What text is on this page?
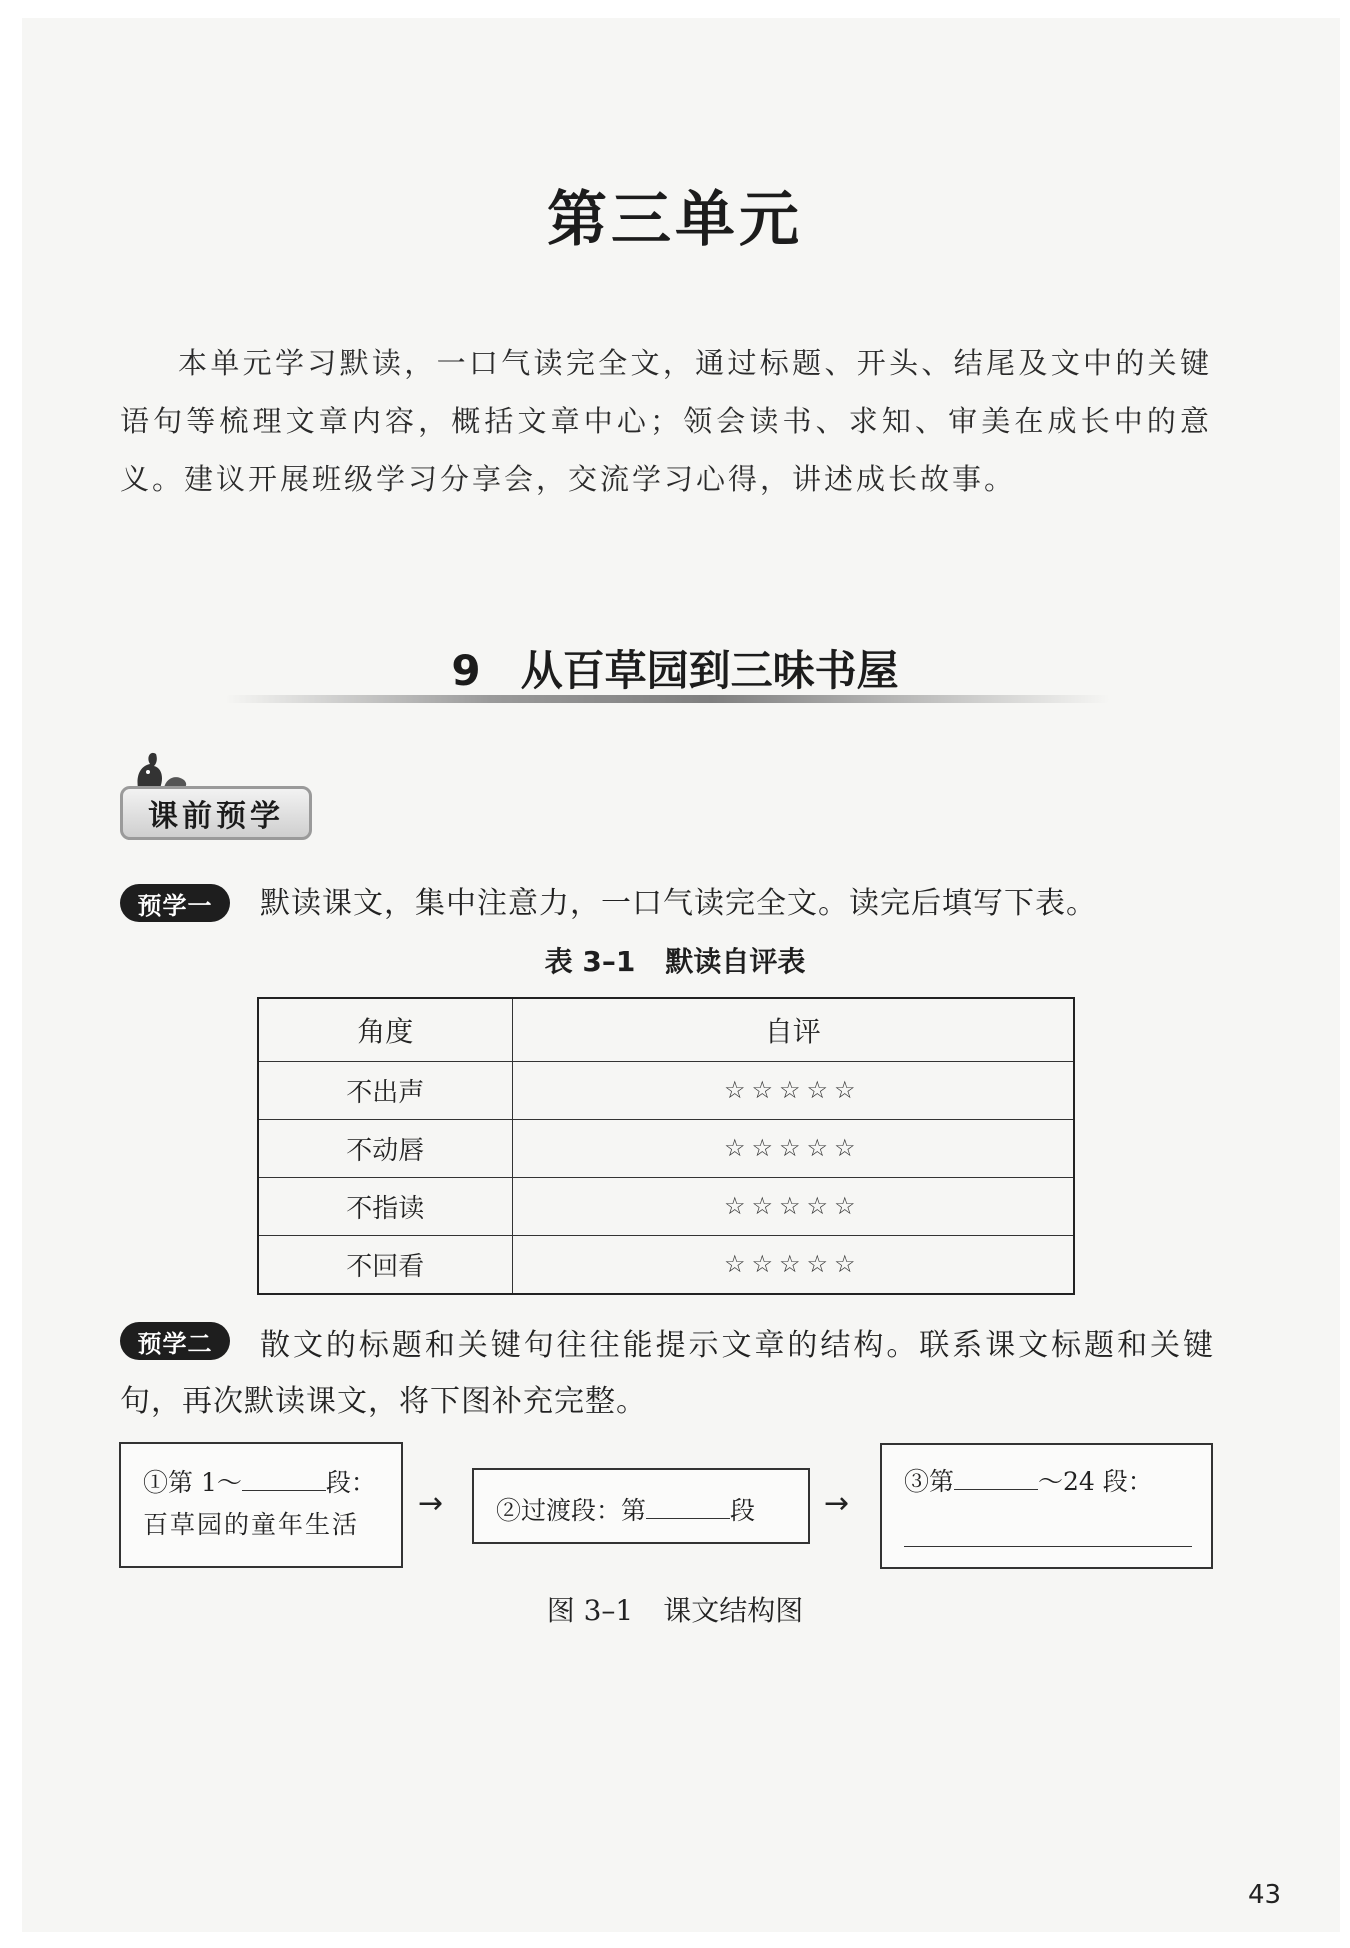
第三单元
本单元学习默读，一口气读完全文，通过标题、开头、结尾及文中的关键语句等梳理文章内容，概括文章中心；领会读书、求知、审美在成长中的意义。建议开展班级学习分享会，交流学习心得，讲述成长故事。
9 从百草园到三味书屋
课前预学
预学一	默读课文，集中注意力，一口气读完全文。读完后填写下表。
表 3–1 默读自评表
角度	自评
不出声	☆☆☆☆☆
不动唇	☆☆☆☆☆
不指读	☆☆☆☆☆
不回看	☆☆☆☆☆
预学二	散文的标题和关键句往往能提示文章的结构。联系课文标题和关键句，再次默读课文，将下图补充完整。
①第 1～	段：
百草园的童年生活
→	②过渡段：第	段	→
③第	～24 段：
图 3–1 课文结构图
43
